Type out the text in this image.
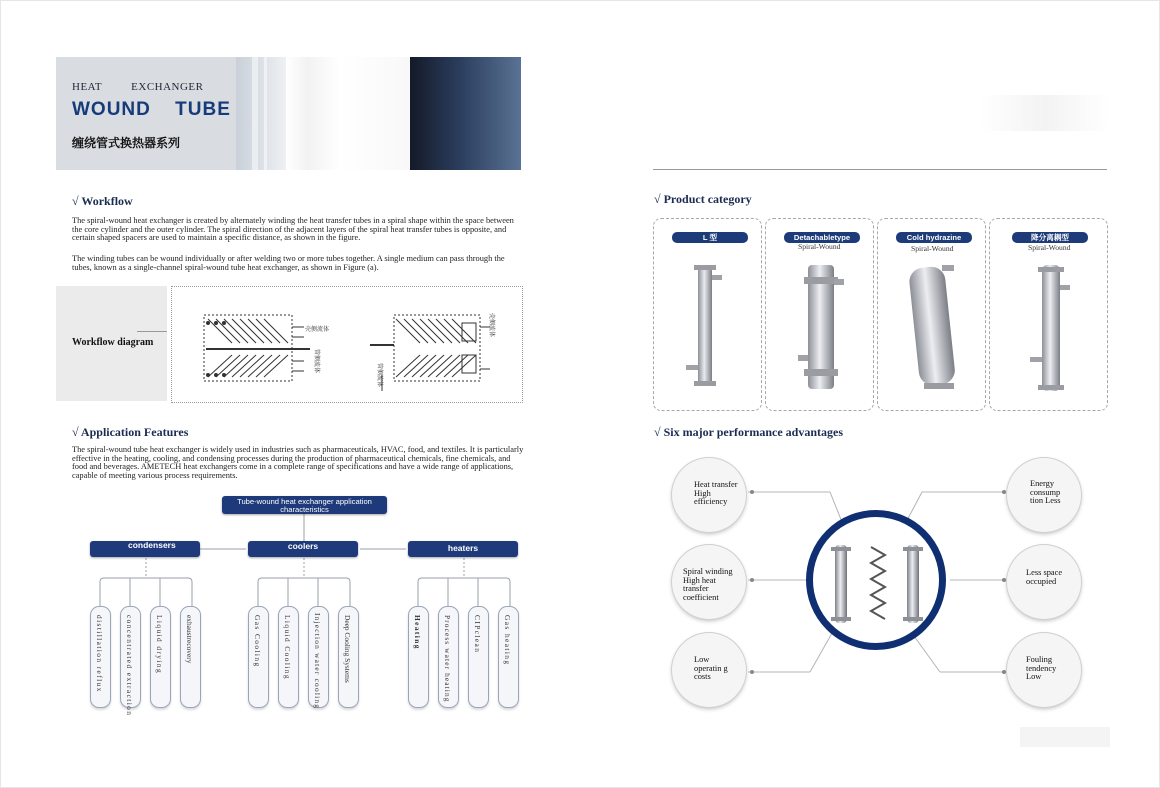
HEAT EXCHANGER
WOUND TUBE
缠绕管式换热器系列
√ Workflow
The spiral-wound heat exchanger is created by alternately winding the heat transfer tubes in a spiral shape within the space between the core cylinder and the outer cylinder. The spiral direction of the adjacent layers of the spiral heat transfer tubes is opposite, and certain shaped spacers are used to maintain a specific distance, as shown in the figure.
The winding tubes can be wound individually or after welding two or more tubes together. A single medium can pass through the tubes, known as a single-channel spiral-wound tube heat exchanger, as shown in Figure (a).
Workflow diagram
壳侧流体
管侧流体
壳侧流体
管侧流体
√ Application Features
The spiral-wound tube heat exchanger is widely used in industries such as pharmaceuticals, HVAC, food, and textiles. It is particularly effective in the heating, cooling, and condensing processes during the production of pharmaceutical chemicals, fine chemicals, and food and beverages. AMETECH heat exchangers come in a complete range of specifications and have a wide range of applications, capable of meeting various process requirements.
Tube-wound heat exchanger application characteristics
condensers	coolers	heaters
distillation reflux	concentrated extraction	Liquid drying	exhaustrecovery	Gas Cooling	Liquid Cooling	Injection water cooling	Deep Cooling Systems	Heating	Process water heating	CIPclean	Gas heating
√ Product category
L 型	Detachabletype
Spiral-Wound
Cold hydrazine
Spiral-Wound
降分离耦型
Spiral-Wound
√ Six major performance advantages
Heat transfer High efficiency
Energy consump tion Less
Spiral winding High heat transfer coefficient
Less space occupied
Low operatin g costs
Fouling tendency Low
